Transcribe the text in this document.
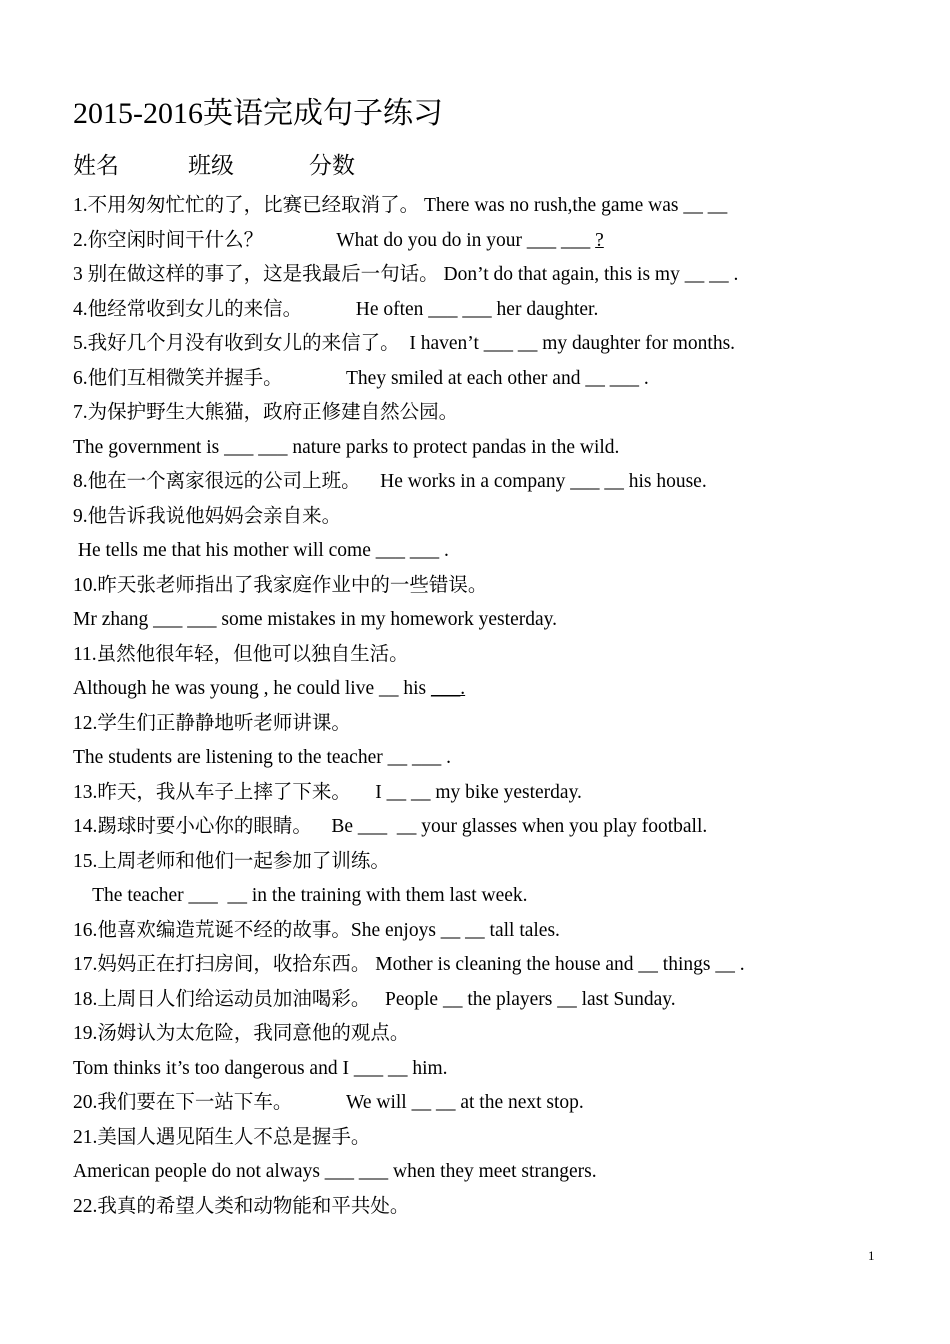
2015-2016英语完成句子练习
姓名	班级	分数
1.不用匆匆忙忙的了，比赛已经取消了。 There was no rush,the game was __ __
2.你空闲时间干什么？               What do you do in your ___ ___ ?
3 别在做这样的事了，这是我最后一句话。 Don’t do that again, this is my __ __ .
4.他经常收到女儿的来信。           He often ___ ___ her daughter.
5.我好几个月没有收到女儿的来信了。  I haven’t ___ __ my daughter for months.
6.他们互相微笑并握手。             They smiled at each other and __ ___ .
7.为保护野生大熊猫，政府正修建自然公园。
The government is ___ ___ nature parks to protect pandas in the wild.
8.他在一个离家很远的公司上班。    He works in a company ___ __ his house.
9.他告诉我说他妈妈会亲自来。
He tells me that his mother will come ___ ___ .
10.昨天张老师指出了我家庭作业中的一些错误。
Mr zhang ___ ___ some mistakes in my homework yesterday.
11.虽然他很年轻，但他可以独自生活。
Although he was young , he could live __ his ___.
12.学生们正静静地听老师讲课。
The students are listening to the teacher __ ___ .
13.昨天，我从车子上摔了下来。     I __ __ my bike yesterday.
14.踢球时要小心你的眼睛。    Be ___  __ your glasses when you play football.
15.上周老师和他们一起参加了训练。
The teacher ___  __ in the training with them last week.
16.他喜欢编造荒诞不经的故事。She enjoys __ __ tall tales.
17.妈妈正在打扫房间，收拾东西。 Mother is cleaning the house and __ things __ .
18.上周日人们给运动员加油喝彩。   People __ the players __ last Sunday.
19.汤姆认为太危险，我同意他的观点。
Tom thinks it’s too dangerous and I ___ __ him.
20.我们要在下一站下车。           We will __ __ at the next stop.
21.美国人遇见陌生人不总是握手。
American people do not always ___ ___ when they meet strangers.
22.我真的希望人类和动物能和平共处。
1
